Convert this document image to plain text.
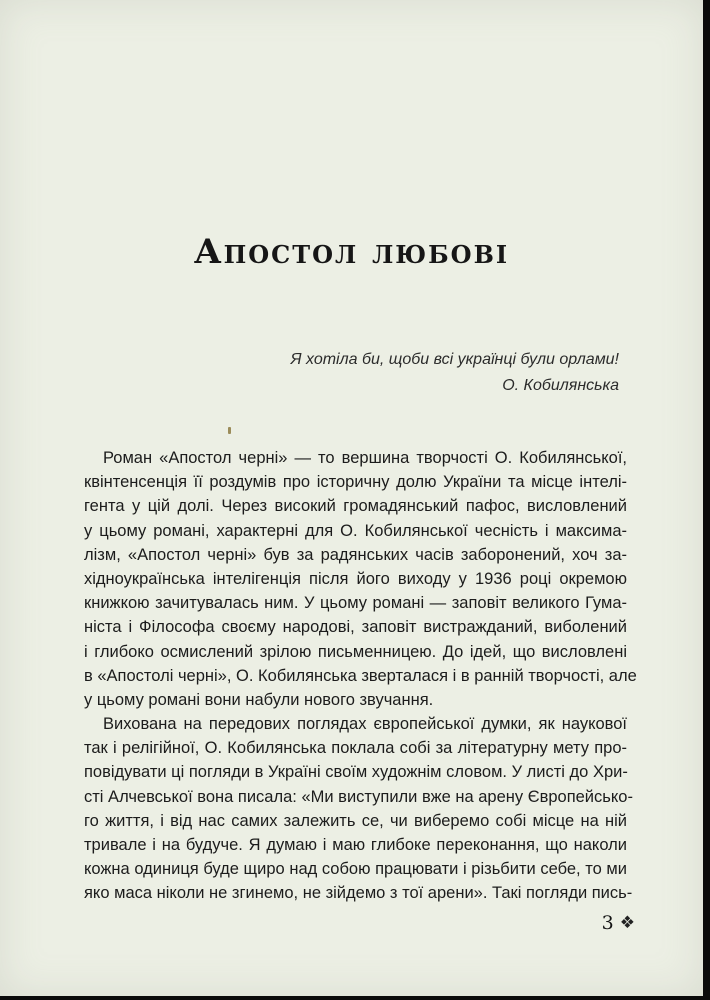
Апостол любові
Я хотіла би, щоби всі українці були орлами!
О. Кобилянська
Роман «Апостол черні» — то вершина творчості О. Кобилянської,
квінтенсенція її роздумів про історичну долю України та місце інтелі-
гента у цій долі. Через високий громадянський пафос, висловлений
у цьому романі, характерні для О. Кобилянської чесність і максима-
лізм, «Апостол черні» був за радянських часів заборонений, хоч за-
хідноукраїнська інтелігенція після його виходу у 1936 році окремою
книжкою зачитувалась ним. У цьому романі — заповіт великого Гума-
ніста і Філософа своєму народові, заповіт вистражданий, виболений
і глибоко осмислений зрілою письменницею. До ідей, що висловлені
в «Апостолі черні», О. Кобилянська зверталася і в ранній творчості, але
у цьому романі вони набули нового звучання.
Вихована на передових поглядах європейської думки, як наукової
так і релігійної, О. Кобилянська поклала собі за літературну мету про-
повідувати ці погляди в Україні своїм художнім словом. У листі до Хри-
сті Алчевської вона писала: «Ми виступили вже на арену Європейсько-
го життя, і від нас самих залежить се, чи виберемо собі місце на ній
тривале і на будуче. Я думаю і маю глибоке переконання, що наколи
кожна одиниця буде щиро над собою працювати і різьбити себе, то ми
яко маса ніколи не згинемо, не зійдемо з тої арени». Такі погляди пись-
3 ❖
